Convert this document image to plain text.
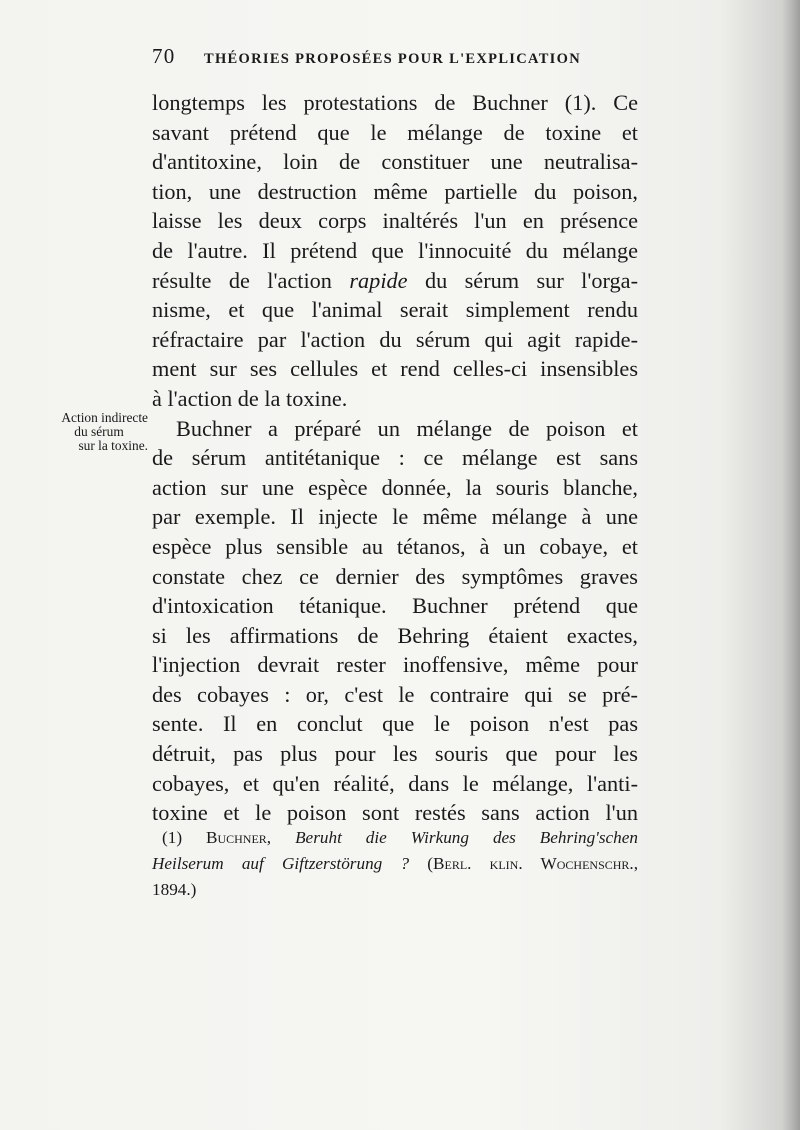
70	THÉORIES PROPOSÉES POUR L'EXPLICATION
Action indirecte
du sérum
sur la toxine.
longtemps les protestations de Buchner (1). Ce
savant prétend que le mélange de toxine et
d'antitoxine, loin de constituer une neutralisa-
tion, une destruction même partielle du poison,
laisse les deux corps inaltérés l'un en présence
de l'autre. Il prétend que l'innocuité du mélange
résulte de l'action rapide du sérum sur l'orga-
nisme, et que l'animal serait simplement rendu
réfractaire par l'action du sérum qui agit rapide-
ment sur ses cellules et rend celles-ci insensibles
à l'action de la toxine.
Buchner a préparé un mélange de poison et
de sérum antitétanique : ce mélange est sans
action sur une espèce donnée, la souris blanche,
par exemple. Il injecte le même mélange à une
espèce plus sensible au tétanos, à un cobaye, et
constate chez ce dernier des symptômes graves
d'intoxication tétanique. Buchner prétend que
si les affirmations de Behring étaient exactes,
l'injection devrait rester inoffensive, même pour
des cobayes : or, c'est le contraire qui se pré-
sente. Il en conclut que le poison n'est pas
détruit, pas plus pour les souris que pour les
cobayes, et qu'en réalité, dans le mélange, l'anti-
toxine et le poison sont restés sans action l'un
(1) Buchner, Beruht die Wirkung des Behring'schen
Heilserum auf Giftzerstörung ? (Berl. klin. Wochenschr.,
1894.)
